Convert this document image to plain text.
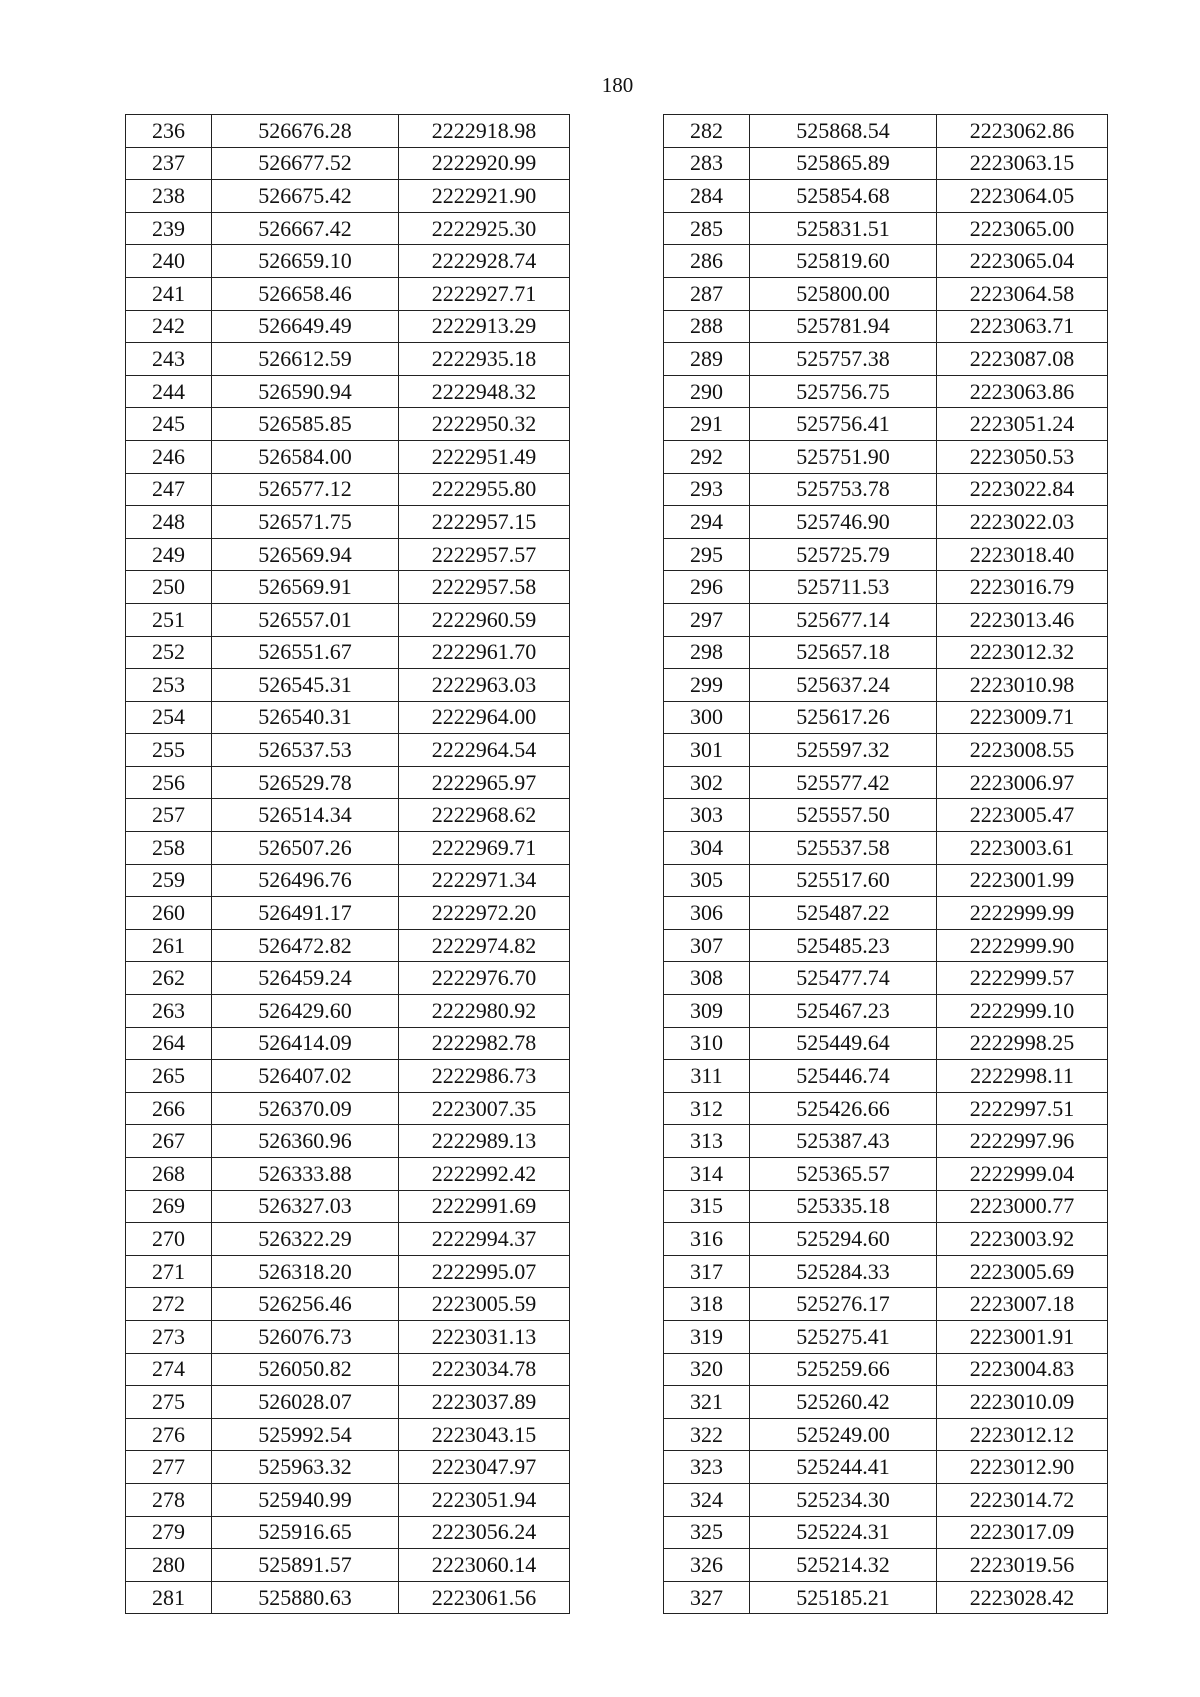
180
236	526676.28	2222918.98
237	526677.52	2222920.99
238	526675.42	2222921.90
239	526667.42	2222925.30
240	526659.10	2222928.74
241	526658.46	2222927.71
242	526649.49	2222913.29
243	526612.59	2222935.18
244	526590.94	2222948.32
245	526585.85	2222950.32
246	526584.00	2222951.49
247	526577.12	2222955.80
248	526571.75	2222957.15
249	526569.94	2222957.57
250	526569.91	2222957.58
251	526557.01	2222960.59
252	526551.67	2222961.70
253	526545.31	2222963.03
254	526540.31	2222964.00
255	526537.53	2222964.54
256	526529.78	2222965.97
257	526514.34	2222968.62
258	526507.26	2222969.71
259	526496.76	2222971.34
260	526491.17	2222972.20
261	526472.82	2222974.82
262	526459.24	2222976.70
263	526429.60	2222980.92
264	526414.09	2222982.78
265	526407.02	2222986.73
266	526370.09	2223007.35
267	526360.96	2222989.13
268	526333.88	2222992.42
269	526327.03	2222991.69
270	526322.29	2222994.37
271	526318.20	2222995.07
272	526256.46	2223005.59
273	526076.73	2223031.13
274	526050.82	2223034.78
275	526028.07	2223037.89
276	525992.54	2223043.15
277	525963.32	2223047.97
278	525940.99	2223051.94
279	525916.65	2223056.24
280	525891.57	2223060.14
281	525880.63	2223061.56
282	525868.54	2223062.86
283	525865.89	2223063.15
284	525854.68	2223064.05
285	525831.51	2223065.00
286	525819.60	2223065.04
287	525800.00	2223064.58
288	525781.94	2223063.71
289	525757.38	2223087.08
290	525756.75	2223063.86
291	525756.41	2223051.24
292	525751.90	2223050.53
293	525753.78	2223022.84
294	525746.90	2223022.03
295	525725.79	2223018.40
296	525711.53	2223016.79
297	525677.14	2223013.46
298	525657.18	2223012.32
299	525637.24	2223010.98
300	525617.26	2223009.71
301	525597.32	2223008.55
302	525577.42	2223006.97
303	525557.50	2223005.47
304	525537.58	2223003.61
305	525517.60	2223001.99
306	525487.22	2222999.99
307	525485.23	2222999.90
308	525477.74	2222999.57
309	525467.23	2222999.10
310	525449.64	2222998.25
311	525446.74	2222998.11
312	525426.66	2222997.51
313	525387.43	2222997.96
314	525365.57	2222999.04
315	525335.18	2223000.77
316	525294.60	2223003.92
317	525284.33	2223005.69
318	525276.17	2223007.18
319	525275.41	2223001.91
320	525259.66	2223004.83
321	525260.42	2223010.09
322	525249.00	2223012.12
323	525244.41	2223012.90
324	525234.30	2223014.72
325	525224.31	2223017.09
326	525214.32	2223019.56
327	525185.21	2223028.42
